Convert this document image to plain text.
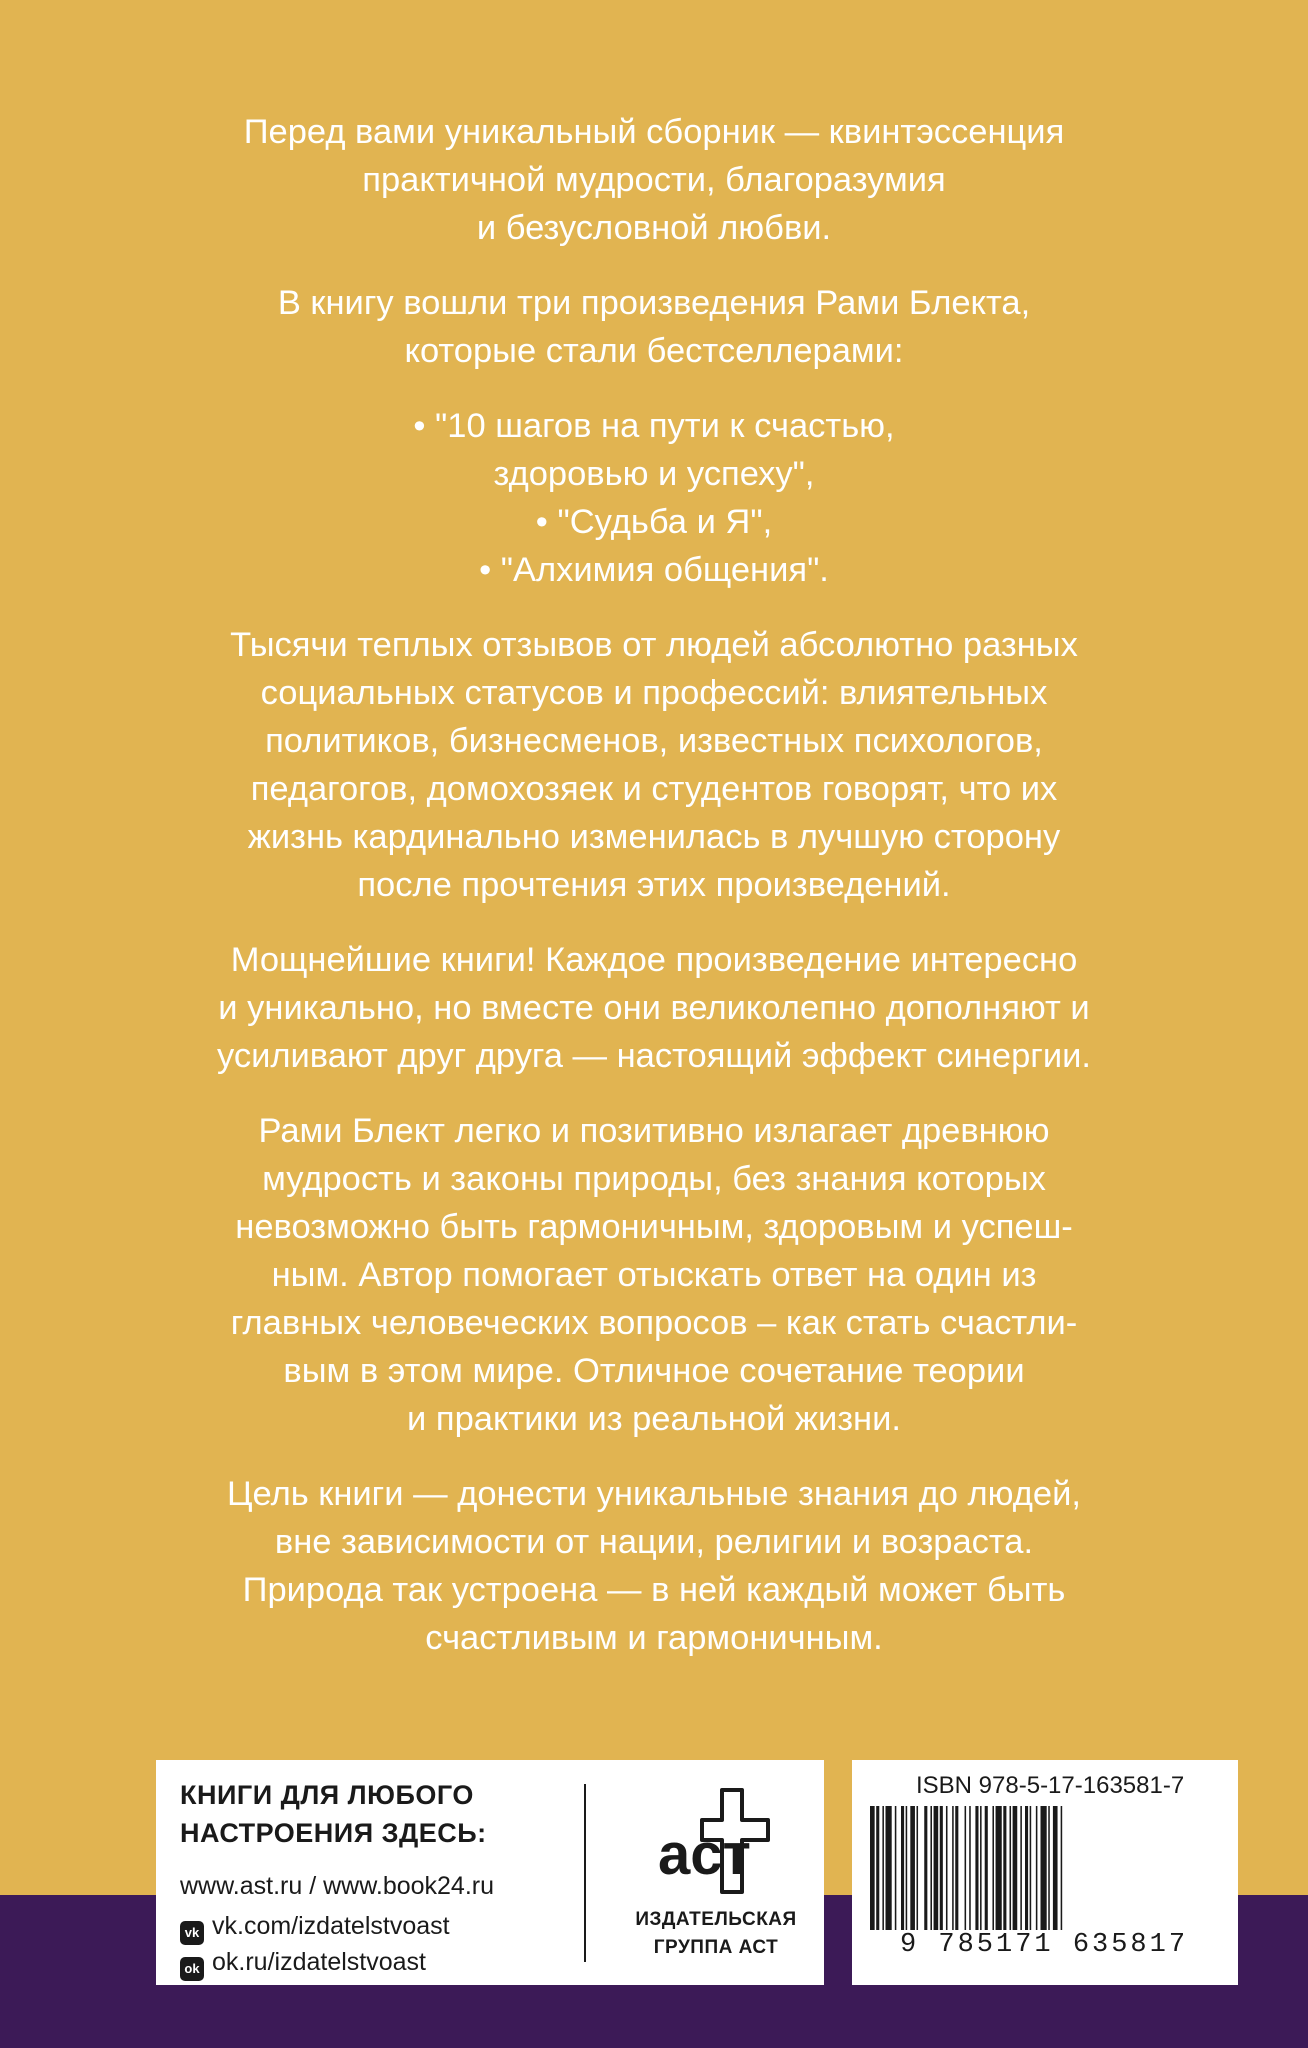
Перед вами уникальный сборник — квинтэссенция
практичной мудрости, благоразумия
и безусловной любви.
В книгу вошли три произведения Рами Блекта,
которые стали бестселлерами:
• "10 шагов на пути к счастью,
здоровью и успеху",
• "Судьба и Я",
• "Алхимия общения".
Тысячи теплых отзывов от людей абсолютно разных
социальных статусов и профессий: влиятельных
политиков, бизнесменов, известных психологов,
педагогов, домохозяек и студентов говорят, что их
жизнь кардинально изменилась в лучшую сторону
после прочтения этих произведений.
Мощнейшие книги! Каждое произведение интересно
и уникально, но вместе они великолепно дополняют и
усиливают друг друга — настоящий эффект синергии.
Рами Блект легко и позитивно излагает древнюю
мудрость и законы природы, без знания которых
невозможно быть гармоничным, здоровым и успеш-
ным. Автор помогает отыскать ответ на один из
главных человеческих вопросов – как стать счастли-
вым в этом мире. Отличное сочетание теории
и практики из реальной жизни.
Цель книги — донести уникальные знания до людей,
вне зависимости от нации, религии и возраста.
Природа так устроена — в ней каждый может быть
счастливым и гармоничным.
КНИГИ ДЛЯ ЛЮБОГО
НАСТРОЕНИЯ ЗДЕСЬ:
www.ast.ru / www.book24.ru
vk vk.com/izdatelstvoast
ok ok.ru/izdatelstvoast
аст
ИЗДАТЕЛЬСКАЯ
ГРУППА АСТ
ISBN 978-5-17-163581-7
9 785171 635817
